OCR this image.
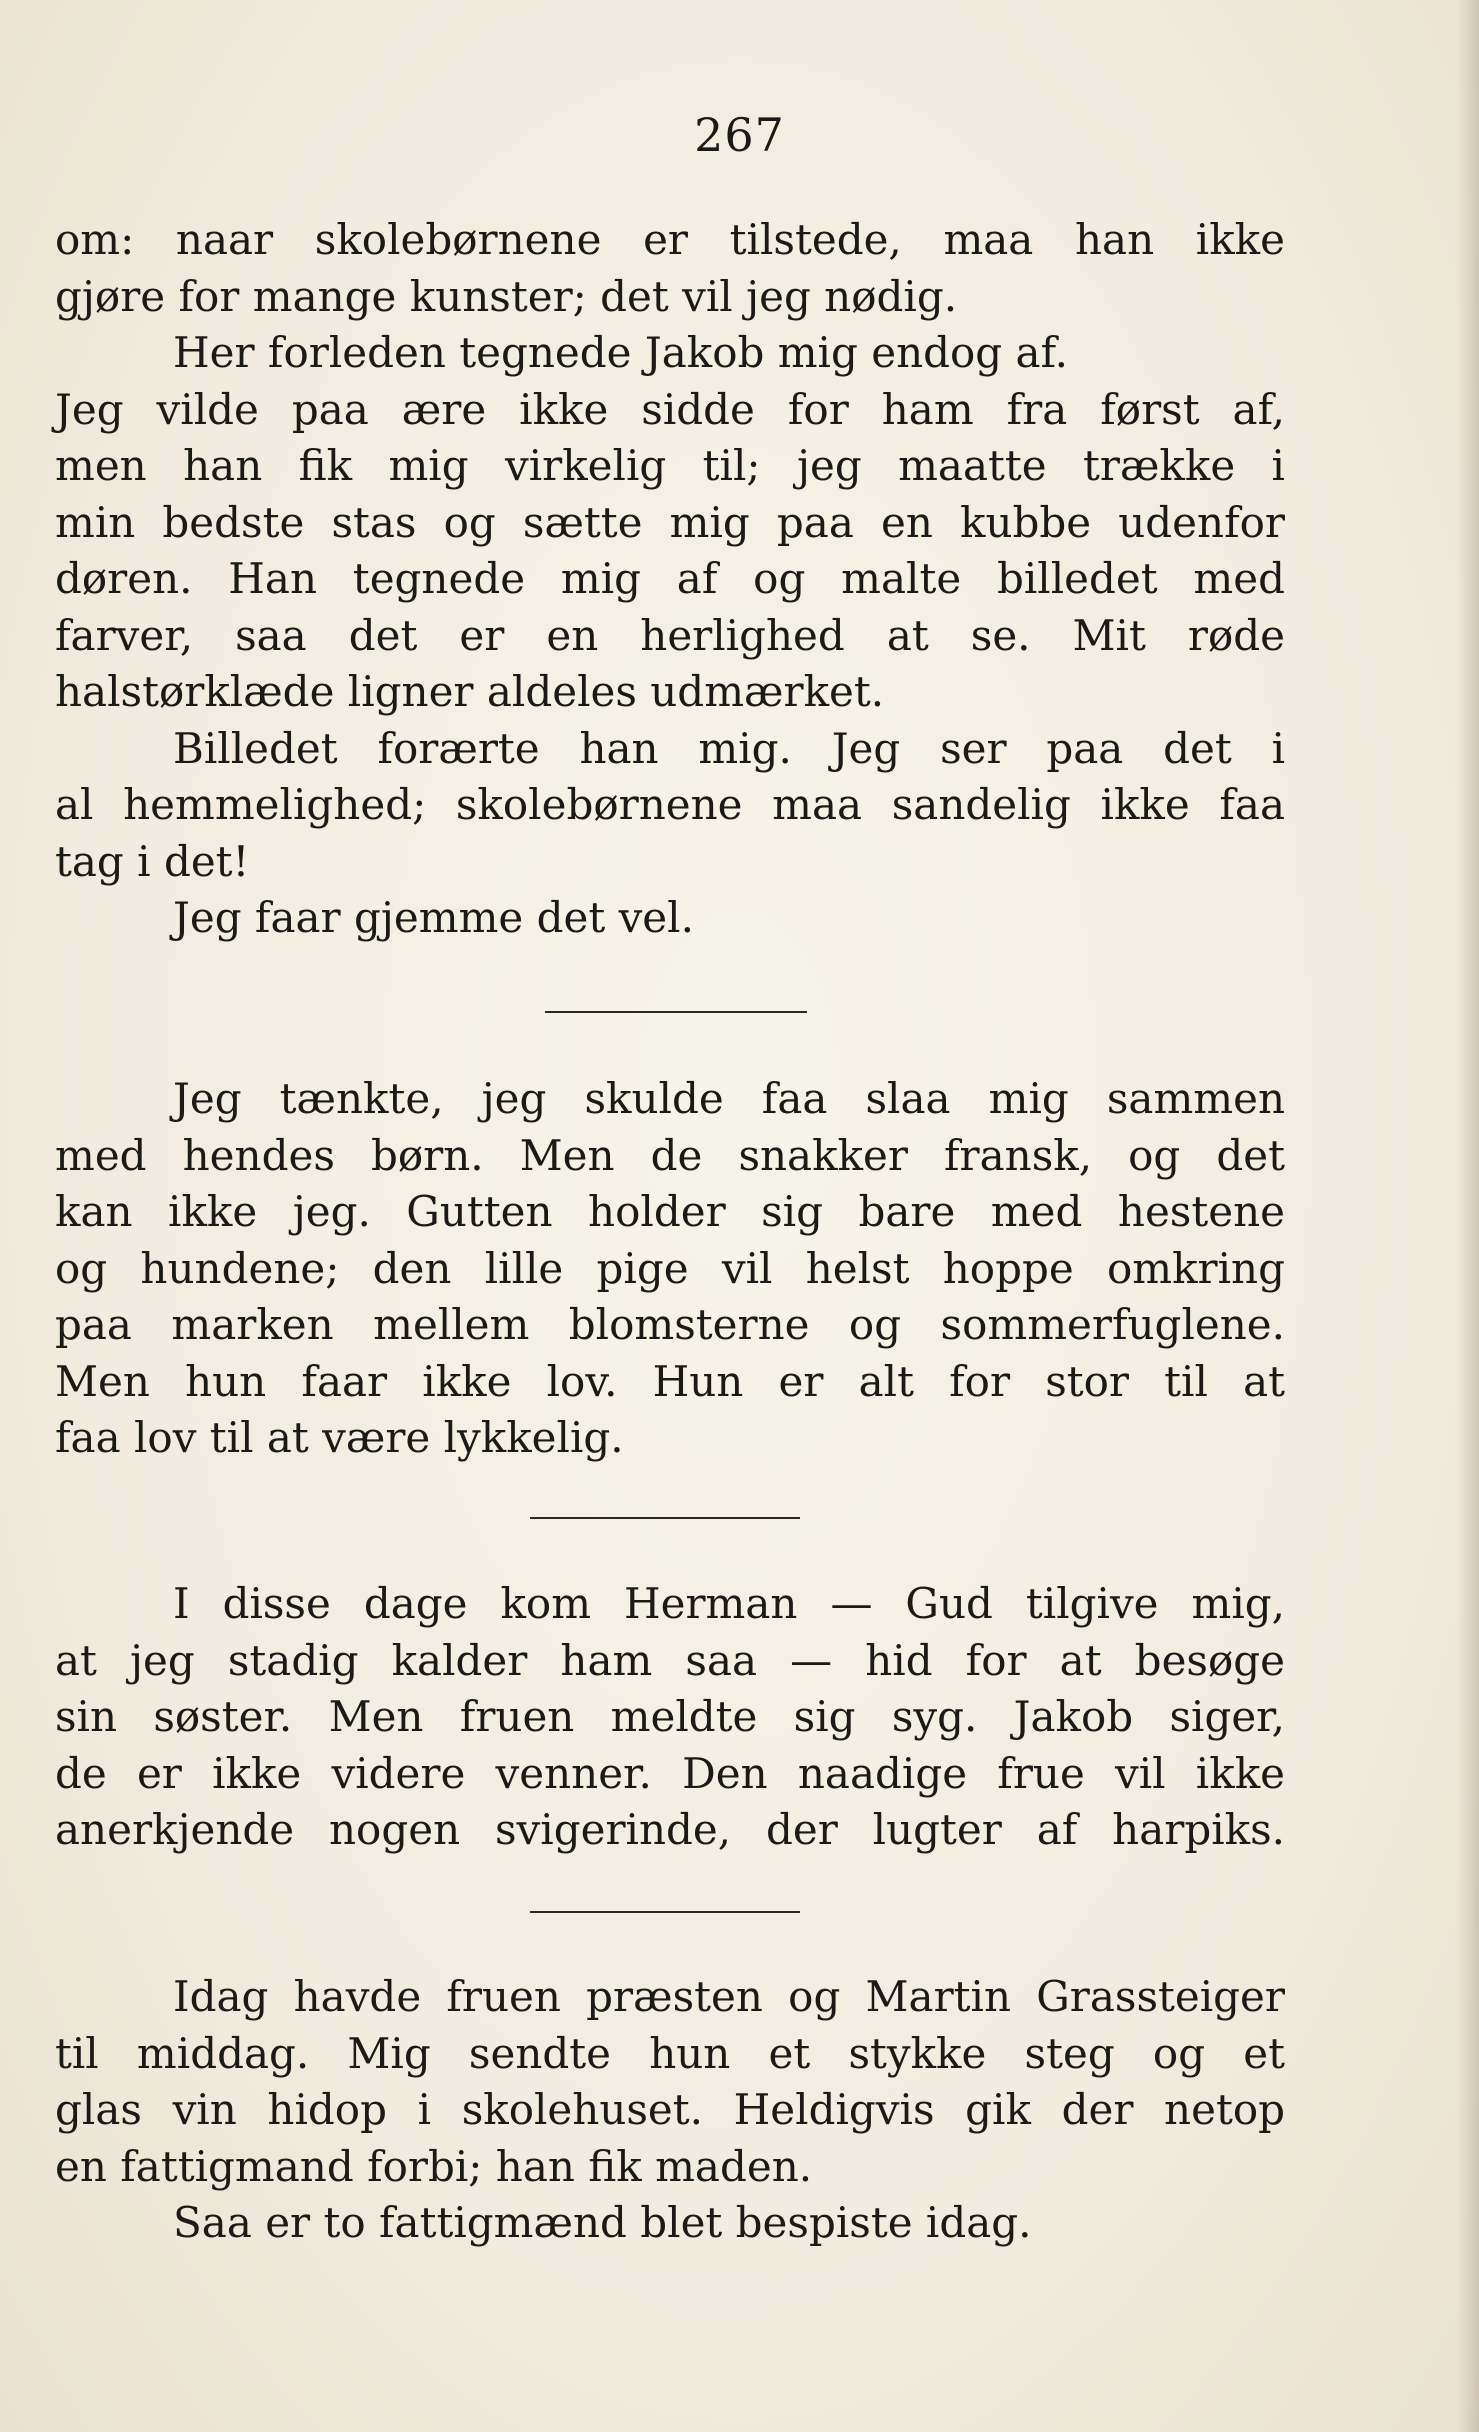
267
om: naar skolebørnene er tilstede, maa han ikke
gjøre for mange kunster; det vil jeg nødig.
Her forleden tegnede Jakob mig endog af.
Jeg vilde paa ære ikke sidde for ham fra først af,
men han fik mig virkelig til; jeg maatte trække i
min bedste stas og sætte mig paa en kubbe udenfor
døren. Han tegnede mig af og malte billedet med
farver, saa det er en herlighed at se. Mit røde
halstørklæde ligner aldeles udmærket.
Billedet forærte han mig. Jeg ser paa det i
al hemmelighed; skolebørnene maa sandelig ikke faa
tag i det!
Jeg faar gjemme det vel.
Jeg tænkte, jeg skulde faa slaa mig sammen
med hendes børn. Men de snakker fransk, og det
kan ikke jeg. Gutten holder sig bare med hestene
og hundene; den lille pige vil helst hoppe omkring
paa marken mellem blomsterne og sommerfuglene.
Men hun faar ikke lov. Hun er alt for stor til at
faa lov til at være lykkelig.
I disse dage kom Herman — Gud tilgive mig,
at jeg stadig kalder ham saa — hid for at besøge
sin søster. Men fruen meldte sig syg. Jakob siger,
de er ikke videre venner. Den naadige frue vil ikke
anerkjende nogen svigerinde, der lugter af harpiks.
Idag havde fruen præsten og Martin Grassteiger
til middag. Mig sendte hun et stykke steg og et
glas vin hidop i skolehuset. Heldigvis gik der netop
en fattigmand forbi; han fik maden.
Saa er to fattigmænd blet bespiste idag.
